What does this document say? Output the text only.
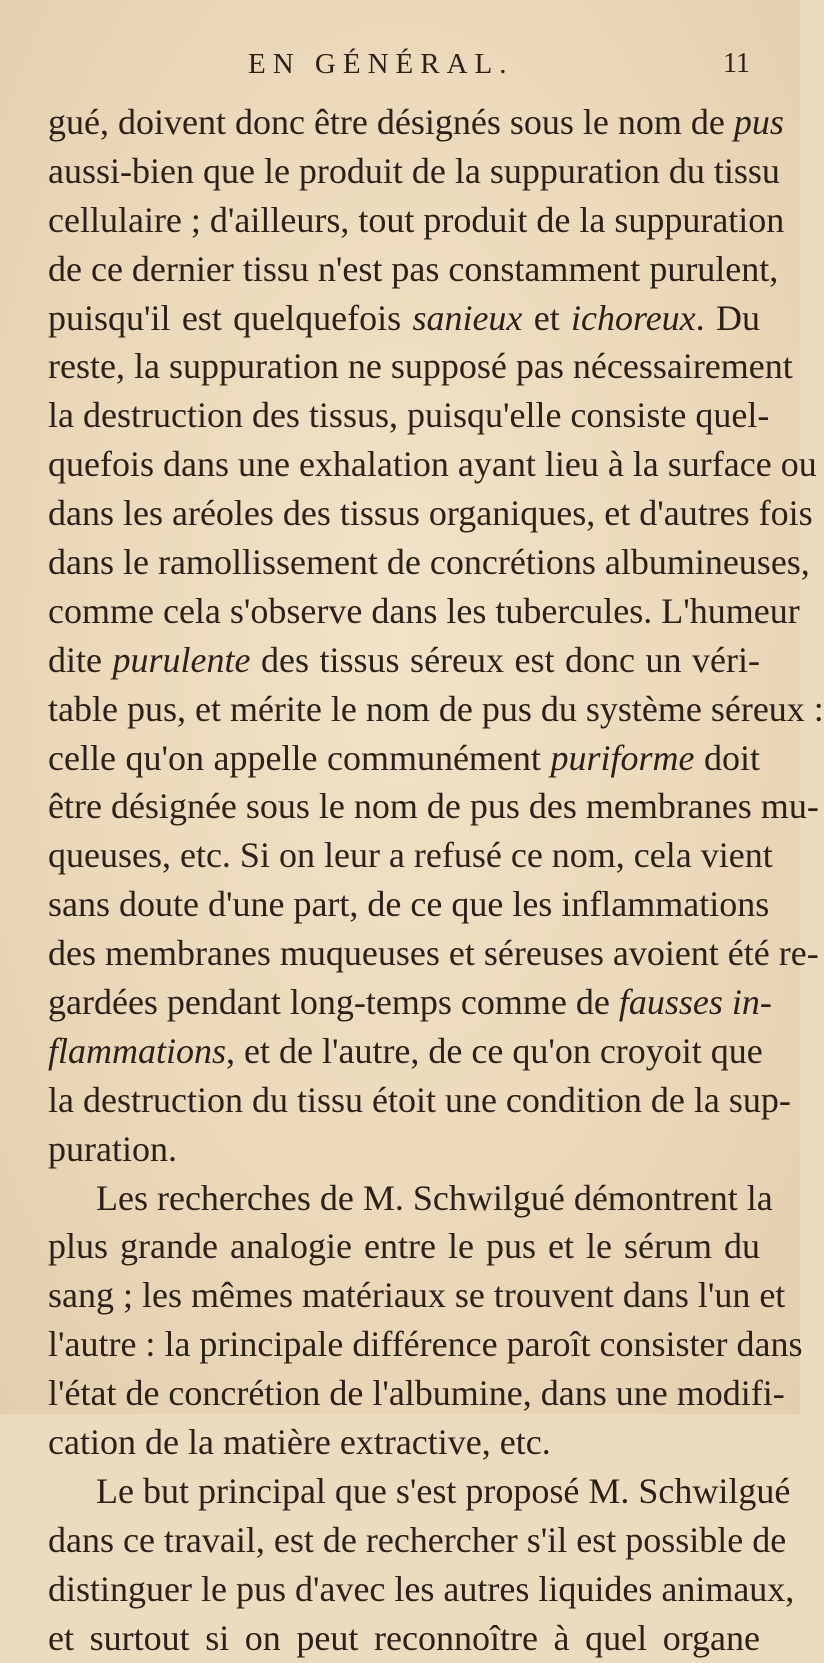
EN GÉNÉRAL.	11
gué, doivent donc être désignés sous le nom de pus
aussi-bien que le produit de la suppuration du tissu
cellulaire ; d'ailleurs, tout produit de la suppuration
de ce dernier tissu n'est pas constamment purulent,
puisqu'il est quelquefois sanieux et ichoreux. Du
reste, la suppuration ne supposé pas nécessairement
la destruction des tissus, puisqu'elle consiste quel-
quefois dans une exhalation ayant lieu à la surface ou
dans les aréoles des tissus organiques, et d'autres fois
dans le ramollissement de concrétions albumineuses,
comme cela s'observe dans les tubercules. L'humeur
dite purulente des tissus séreux est donc un véri-
table pus, et mérite le nom de pus du système séreux :
celle qu'on appelle communément puriforme doit
être désignée sous le nom de pus des membranes mu-
queuses, etc. Si on leur a refusé ce nom, cela vient
sans doute d'une part, de ce que les inflammations
des membranes muqueuses et séreuses avoient été re-
gardées pendant long-temps comme de fausses in-
flammations, et de l'autre, de ce qu'on croyoit que
la destruction du tissu étoit une condition de la sup-
puration.
Les recherches de M. Schwilgué démontrent la
plus grande analogie entre le pus et le sérum du
sang ; les mêmes matériaux se trouvent dans l'un et
l'autre : la principale différence paroît consister dans
l'état de concrétion de l'albumine, dans une modifi-
cation de la matière extractive, etc.
Le but principal que s'est proposé M. Schwilgué
dans ce travail, est de rechercher s'il est possible de
distinguer le pus d'avec les autres liquides animaux,
et surtout si on peut reconnoître à quel organe
